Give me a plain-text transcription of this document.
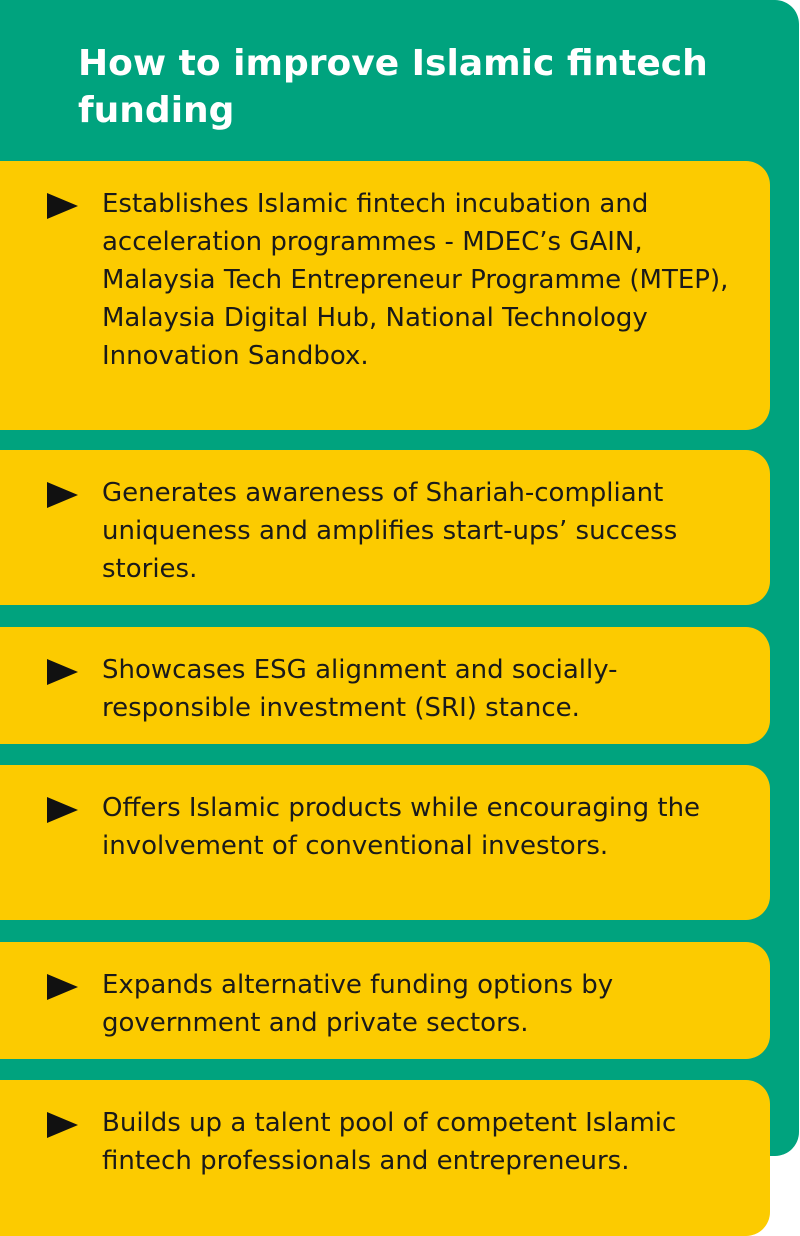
How to improve Islamic fintech funding

Establishes Islamic fintech incubation and acceleration programmes - MDEC’s GAIN, Malaysia Tech Entrepreneur Programme (MTEP), Malaysia Digital Hub, National Technology Innovation Sandbox.

Generates awareness of Shariah-compliant uniqueness and amplifies start-ups’ success stories.

Showcases ESG alignment and socially-responsible investment (SRI) stance.

Offers Islamic products while encouraging the involvement of conventional investors.

Expands alternative funding options by government and private sectors.

Builds up a talent pool of competent Islamic fintech professionals and entrepreneurs.
